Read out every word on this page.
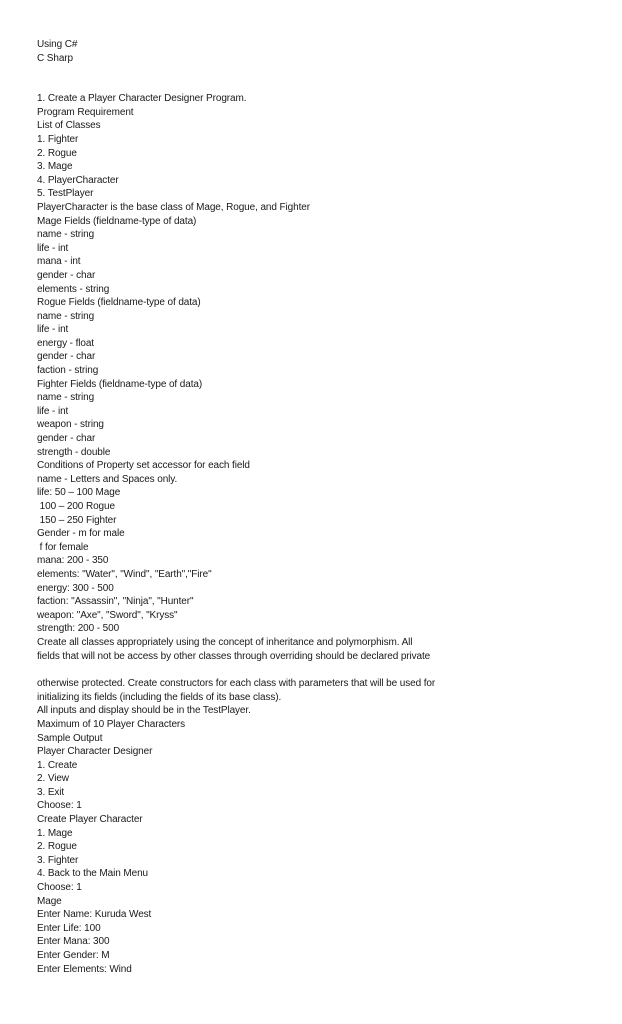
Using C#
C Sharp
1. Create a Player Character Designer Program.
Program Requirement
List of Classes
1. Fighter
2. Rogue
3. Mage
4. PlayerCharacter
5. TestPlayer
PlayerCharacter is the base class of Mage, Rogue, and Fighter
Mage Fields (fieldname-type of data)
name - string
life - int
mana - int
gender - char
elements - string
Rogue Fields (fieldname-type of data)
name - string
life - int
energy - float
gender - char
faction - string
Fighter Fields (fieldname-type of data)
name - string
life - int
weapon - string
gender - char
strength - double
Conditions of Property set accessor for each field
name - Letters and Spaces only.
life: 50 – 100 Mage
100 – 200 Rogue
150 – 250 Fighter
Gender - m for male
f for female
mana: 200 - 350
elements: "Water", "Wind", "Earth","Fire"
energy: 300 - 500
faction: "Assassin", "Ninja", "Hunter"
weapon: "Axe", "Sword", "Kryss"
strength: 200 - 500
Create all classes appropriately using the concept of inheritance and polymorphism. All
fields that will not be access by other classes through overriding should be declared private
otherwise protected. Create constructors for each class with parameters that will be used for
initializing its fields (including the fields of its base class).
All inputs and display should be in the TestPlayer.
Maximum of 10 Player Characters
Sample Output
Player Character Designer
1. Create
2. View
3. Exit
Choose: 1
Create Player Character
1. Mage
2. Rogue
3. Fighter
4. Back to the Main Menu
Choose: 1
Mage
Enter Name: Kuruda West
Enter Life: 100
Enter Mana: 300
Enter Gender: M
Enter Elements: Wind
